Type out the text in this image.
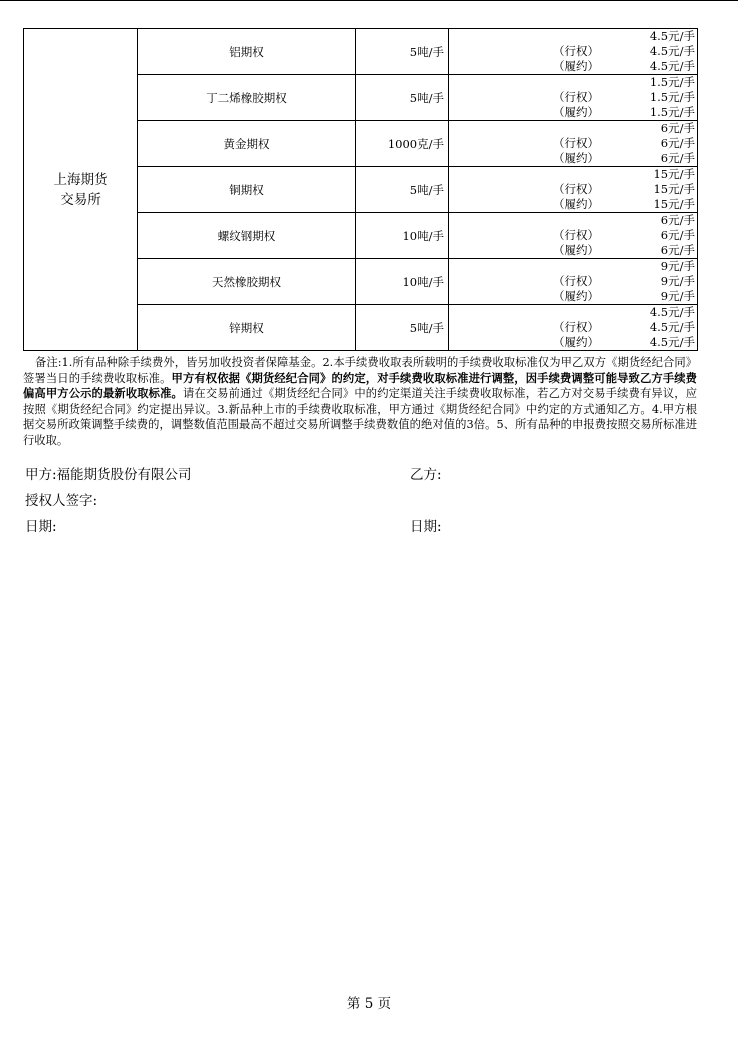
上海期货交易所	铝期权	5吨/手	4.5元/手
（行权） 4.5元/手
（履约） 4.5元/手

	丁二烯橡胶期权	5吨/手	1.5元/手
（行权） 1.5元/手
（履约） 1.5元/手

	黄金期权	1000克/手	6元/手
（行权） 6元/手
（履约） 6元/手

	铜期权	5吨/手	15元/手
（行权） 15元/手
（履约） 15元/手

	螺纹钢期权	10吨/手	6元/手
（行权） 6元/手
（履约） 6元/手

	天然橡胶期权	10吨/手	9元/手
（行权） 9元/手
（履约） 9元/手

	锌期权	5吨/手	4.5元/手
（行权） 4.5元/手
（履约） 4.5元/手
备注:1.所有品种除手续费外，皆另加收投资者保障基金。2.本手续费收取表所载明的手续费收取标准仅为甲乙双方《期货经纪合同》签署当日的手续费收取标准。甲方有权依据《期货经纪合同》的约定，对手续费收取标准进行调整，因手续费调整可能导致乙方手续费偏高甲方公示的最新收取标准。请在交易前通过《期货经纪合同》中的约定渠道关注手续费收取标准，若乙方对交易手续费有异议，应按照《期货经纪合同》约定提出异议。3.新品种上市的手续费收取标准，甲方通过《期货经纪合同》中约定的方式通知乙方。4.甲方根据交易所政策调整手续费的，调整数值范围最高不超过交易所调整手续费数值的绝对值的3倍。5、所有品种的申报费按照交易所标准进行收取。
甲方:福能期货股份有限公司	乙方:
授权人签字:
日期:	日期:
第 5 页
